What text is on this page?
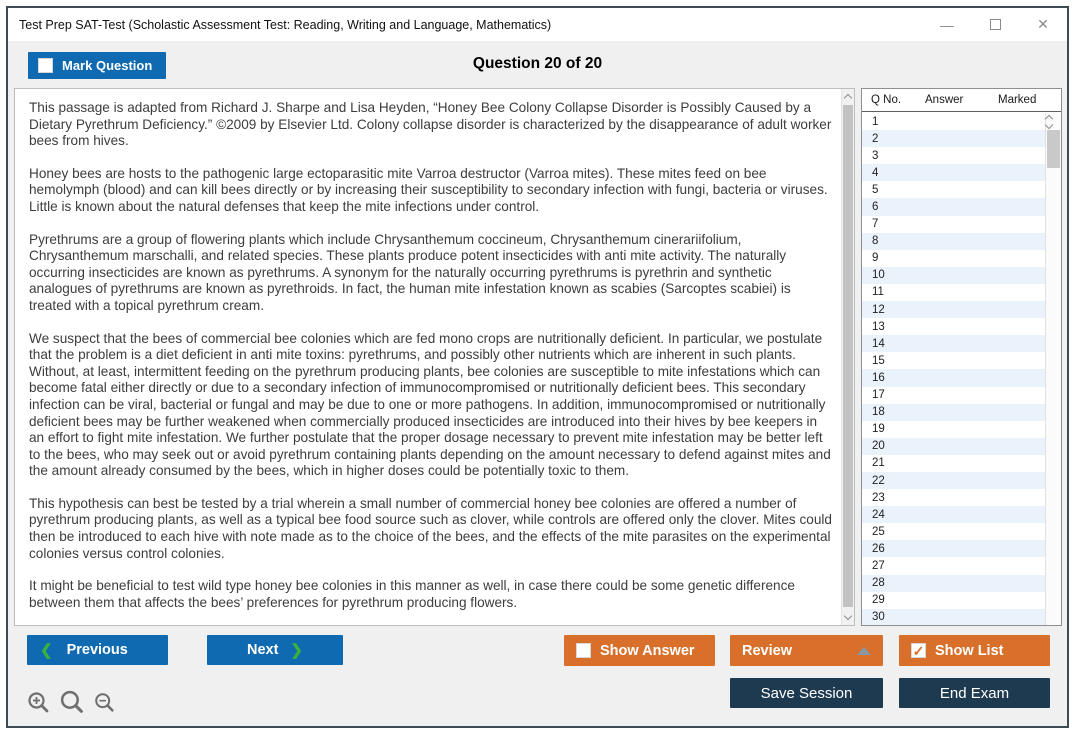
Test Prep SAT-Test (Scholastic Assessment Test: Reading, Writing and Language, Mathematics)	—	✕
Mark Question	Question 20 of 20

This passage is adapted from Richard J. Sharpe and Lisa Heyden, “Honey Bee Colony Collapse Disorder is Possibly Caused by a Dietary Pyrethrum Deficiency.” ©2009 by Elsevier Ltd. Colony collapse disorder is characterized by the disappearance of adult worker bees from hives.

Honey bees are hosts to the pathogenic large ectoparasitic mite Varroa destructor (Varroa mites). These mites feed on bee hemolymph (blood) and can kill bees directly or by increasing their susceptibility to secondary infection with fungi, bacteria or viruses. Little is known about the natural defenses that keep the mite infections under control.

Pyrethrums are a group of flowering plants which include Chrysanthemum coccineum, Chrysanthemum cinerariifolium, Chrysanthemum marschalli, and related species. These plants produce potent insecticides with anti mite activity. The naturally occurring insecticides are known as pyrethrums. A synonym for the naturally occurring pyrethrums is pyrethrin and synthetic analogues of pyrethrums are known as pyrethroids. In fact, the human mite infestation known as scabies (Sarcoptes scabiei) is treated with a topical pyrethrum cream.

We suspect that the bees of commercial bee colonies which are fed mono crops are nutritionally deficient. In particular, we postulate that the problem is a diet deficient in anti mite toxins: pyrethrums, and possibly other nutrients which are inherent in such plants. Without, at least, intermittent feeding on the pyrethrum producing plants, bee colonies are susceptible to mite infestations which can become fatal either directly or due to a secondary infection of immunocompromised or nutritionally deficient bees. This secondary infection can be viral, bacterial or fungal and may be due to one or more pathogens. In addition, immunocompromised or nutritionally deficient bees may be further weakened when commercially produced insecticides are introduced into their hives by bee keepers in an effort to fight mite infestation. We further postulate that the proper dosage necessary to prevent mite infestation may be better left to the bees, who may seek out or avoid pyrethrum containing plants depending on the amount necessary to defend against mites and the amount already consumed by the bees, which in higher doses could be potentially toxic to them.

This hypothesis can best be tested by a trial wherein a small number of commercial honey bee colonies are offered a number of pyrethrum producing plants, as well as a typical bee food source such as clover, while controls are offered only the clover. Mites could then be introduced to each hive with note made as to the choice of the bees, and the effects of the mite parasites on the experimental colonies versus control colonies.

It might be beneficial to test wild type honey bee colonies in this manner as well, in case there could be some genetic difference between them that affects the bees’ preferences for pyrethrum producing flowers.

Q No. Answer	Marked
1
2
3
4
5
6
7
8
9
10
11
12
13
14
15
16
17
18
19
20
21
22
23
24
25
26
27
28
29
30
❮ Previous	Next ❯	Show Answer	Review ✓	Show List
Save Session	End Exam
